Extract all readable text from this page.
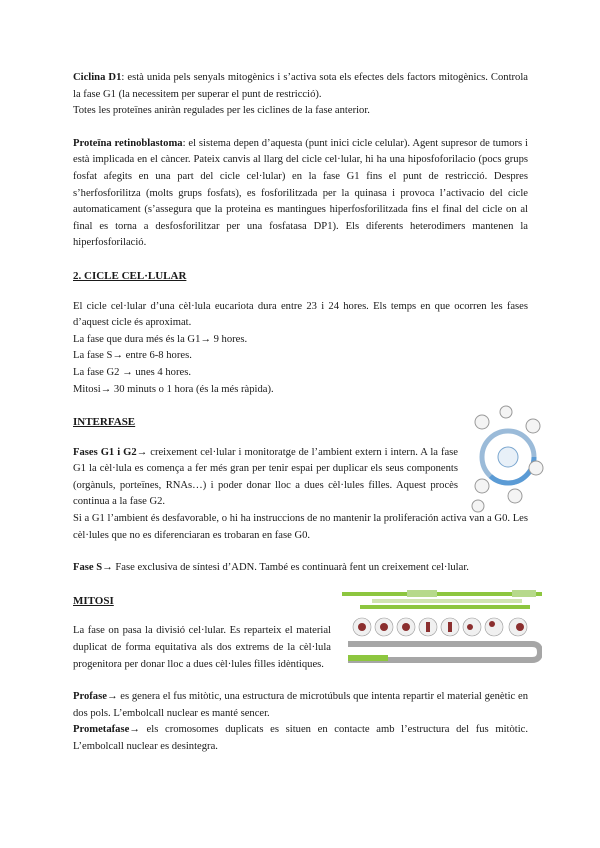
Ciclina D1: està unida pels senyals mitogènics i s’activa sota els efectes dels factors mitogènics. Controla la fase G1 (la necessitem per superar el punt de restricció).
Totes les proteïnes aniràn regulades per les ciclines de la fase anterior.

Proteïna retinoblastoma: el sistema depen d’aquesta (punt inici cicle celular). Agent supresor de tumors i està implicada en el càncer. Pateix canvis al llarg del cicle cel·lular, hi ha una hiposfoforilacio (pocs grups fosfat afegits en una part del cicle cel·lular) en la fase G1 fins el punt de restricció. Despres s’herfosforilitza (molts grups fosfats), es fosforilitzada per la quinasa i provoca l’activacio del cicle automaticament (s’assegura que la proteina es mantingues hiperfosforilitzada fins el final del cicle on al final es torna a desfosforilitzar per una fosfatasa DP1). Els diferents heterodimers mantenen la hiperfosforilació.

2. CICLE CEL·LULAR

El cicle cel·lular d’una cèl·lula eucariota dura entre 23 i 24 hores. Els temps en que ocorren les fases d’aquest cicle és aproximat.

La fase que dura més és la G1→ 9 hores.
La fase S→ entre 6-8 hores.
La fase G2 → unes 4 hores.
Mitosi→ 30 minuts o 1 hora (és la més ràpida).
INTERFASE

Fases G1 i G2→ creixement cel·lular i monitoratge de l’ambient extern i intern. A la fase G1 la cèl·lula es comença a fer més gran per tenir espai per duplicar els seus components (orgànuls, porteïnes, RNAs…) i poder donar lloc a dues cèl·lules filles. Aquest procès continua a la fase G2.

Si a G1 l’ambient és desfavorable, o hi ha instruccions de no mantenir la proliferación activa van a G0. Les cèl·lules que no es diferenciaran es trobaran en fase G0.

Fase S→ Fase exclusiva de síntesi d’ADN. També es continuarà fent un creixement cel·lular.

MITOSI

La fase on pasa la divisió cel·lular. Es reparteix el material duplicat de forma equitativa als dos extrems de la cèl·lula progenitora per donar lloc a dues cèl·lules filles idèntiques.

Profase→ es genera el fus mitòtic, una estructura de microtúbuls que intenta repartir el material genètic en dos pols. L’embolcall nuclear es manté sencer.

Prometafase→ els cromosomes duplicats es situen en contacte amb l’estructura del fus mitòtic. L’embolcall nuclear es desintegra.
